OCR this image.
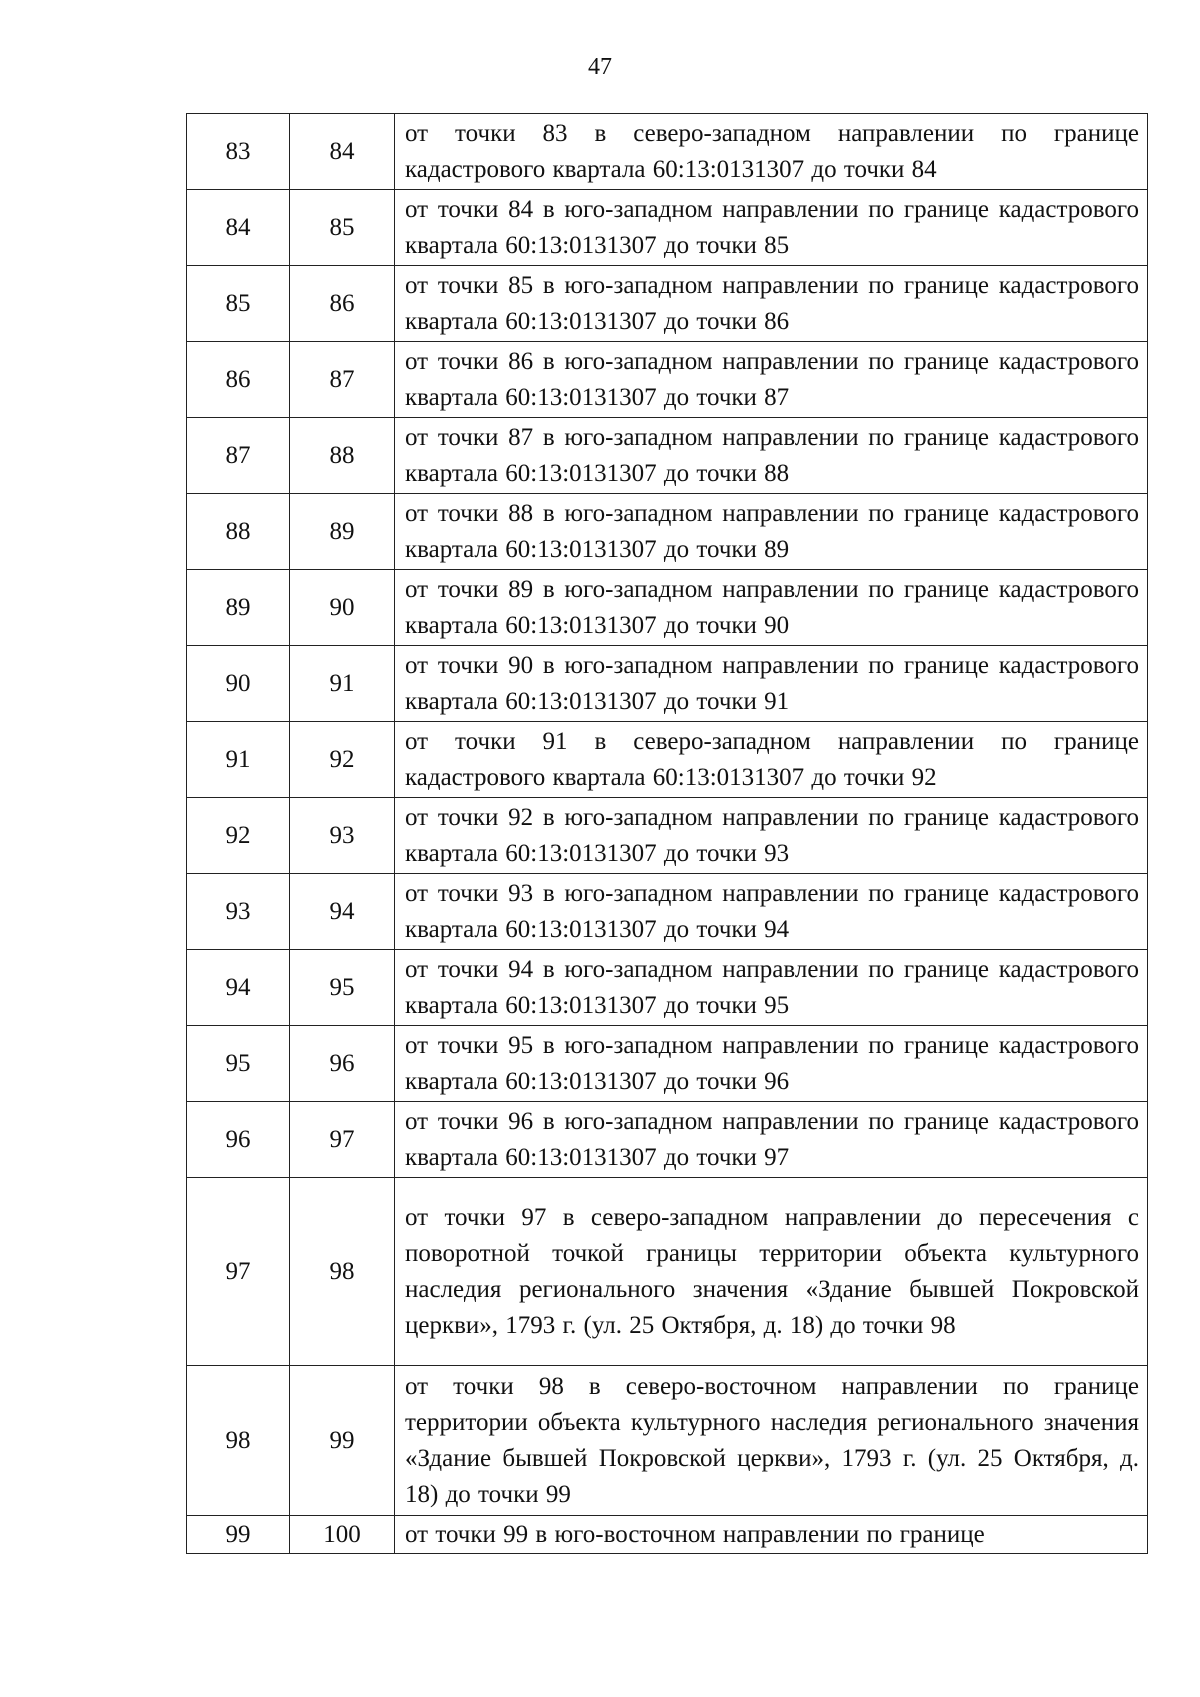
47
83	84	от точки 83 в северо-западном направлении по границе кадастрового квартала 60:13:0131307 до точки 84

84	85	от точки 84 в юго-западном направлении по границе кадастрового квартала 60:13:0131307 до точки 85

85	86	от точки 85 в юго-западном направлении по границе кадастрового квартала 60:13:0131307 до точки 86

86	87	от точки 86 в юго-западном направлении по границе кадастрового квартала 60:13:0131307 до точки 87

87	88	от точки 87 в юго-западном направлении по границе кадастрового квартала 60:13:0131307 до точки 88

88	89	от точки 88 в юго-западном направлении по границе кадастрового квартала 60:13:0131307 до точки 89

89	90	от точки 89 в юго-западном направлении по границе кадастрового квартала 60:13:0131307 до точки 90

90	91	от точки 90 в юго-западном направлении по границе кадастрового квартала 60:13:0131307 до точки 91

91	92	от точки 91 в северо-западном направлении по границе кадастрового квартала 60:13:0131307 до точки 92

92	93	от точки 92 в юго-западном направлении по границе кадастрового квартала 60:13:0131307 до точки 93

93	94	от точки 93 в юго-западном направлении по границе кадастрового квартала 60:13:0131307 до точки 94

94	95	от точки 94 в юго-западном направлении по границе кадастрового квартала 60:13:0131307 до точки 95

95	96	от точки 95 в юго-западном направлении по границе кадастрового квартала 60:13:0131307 до точки 96

96	97	от точки 96 в юго-западном направлении по границе кадастрового квартала 60:13:0131307 до точки 97

97	98	от точки 97 в северо-западном направлении до пересечения с поворотной точкой границы территории объекта культурного наследия регионального значения «Здание бывшей Покровской церкви», 1793 г. (ул. 25 Октября, д. 18) до точки 98

98	99	от точки 98 в северо-восточном направлении по границе территории объекта культурного наследия регионального значения «Здание бывшей Покровской церкви», 1793 г. (ул. 25 Октября, д. 18) до точки 99

99	100	от точки 99 в юго-восточном направлении по границе
